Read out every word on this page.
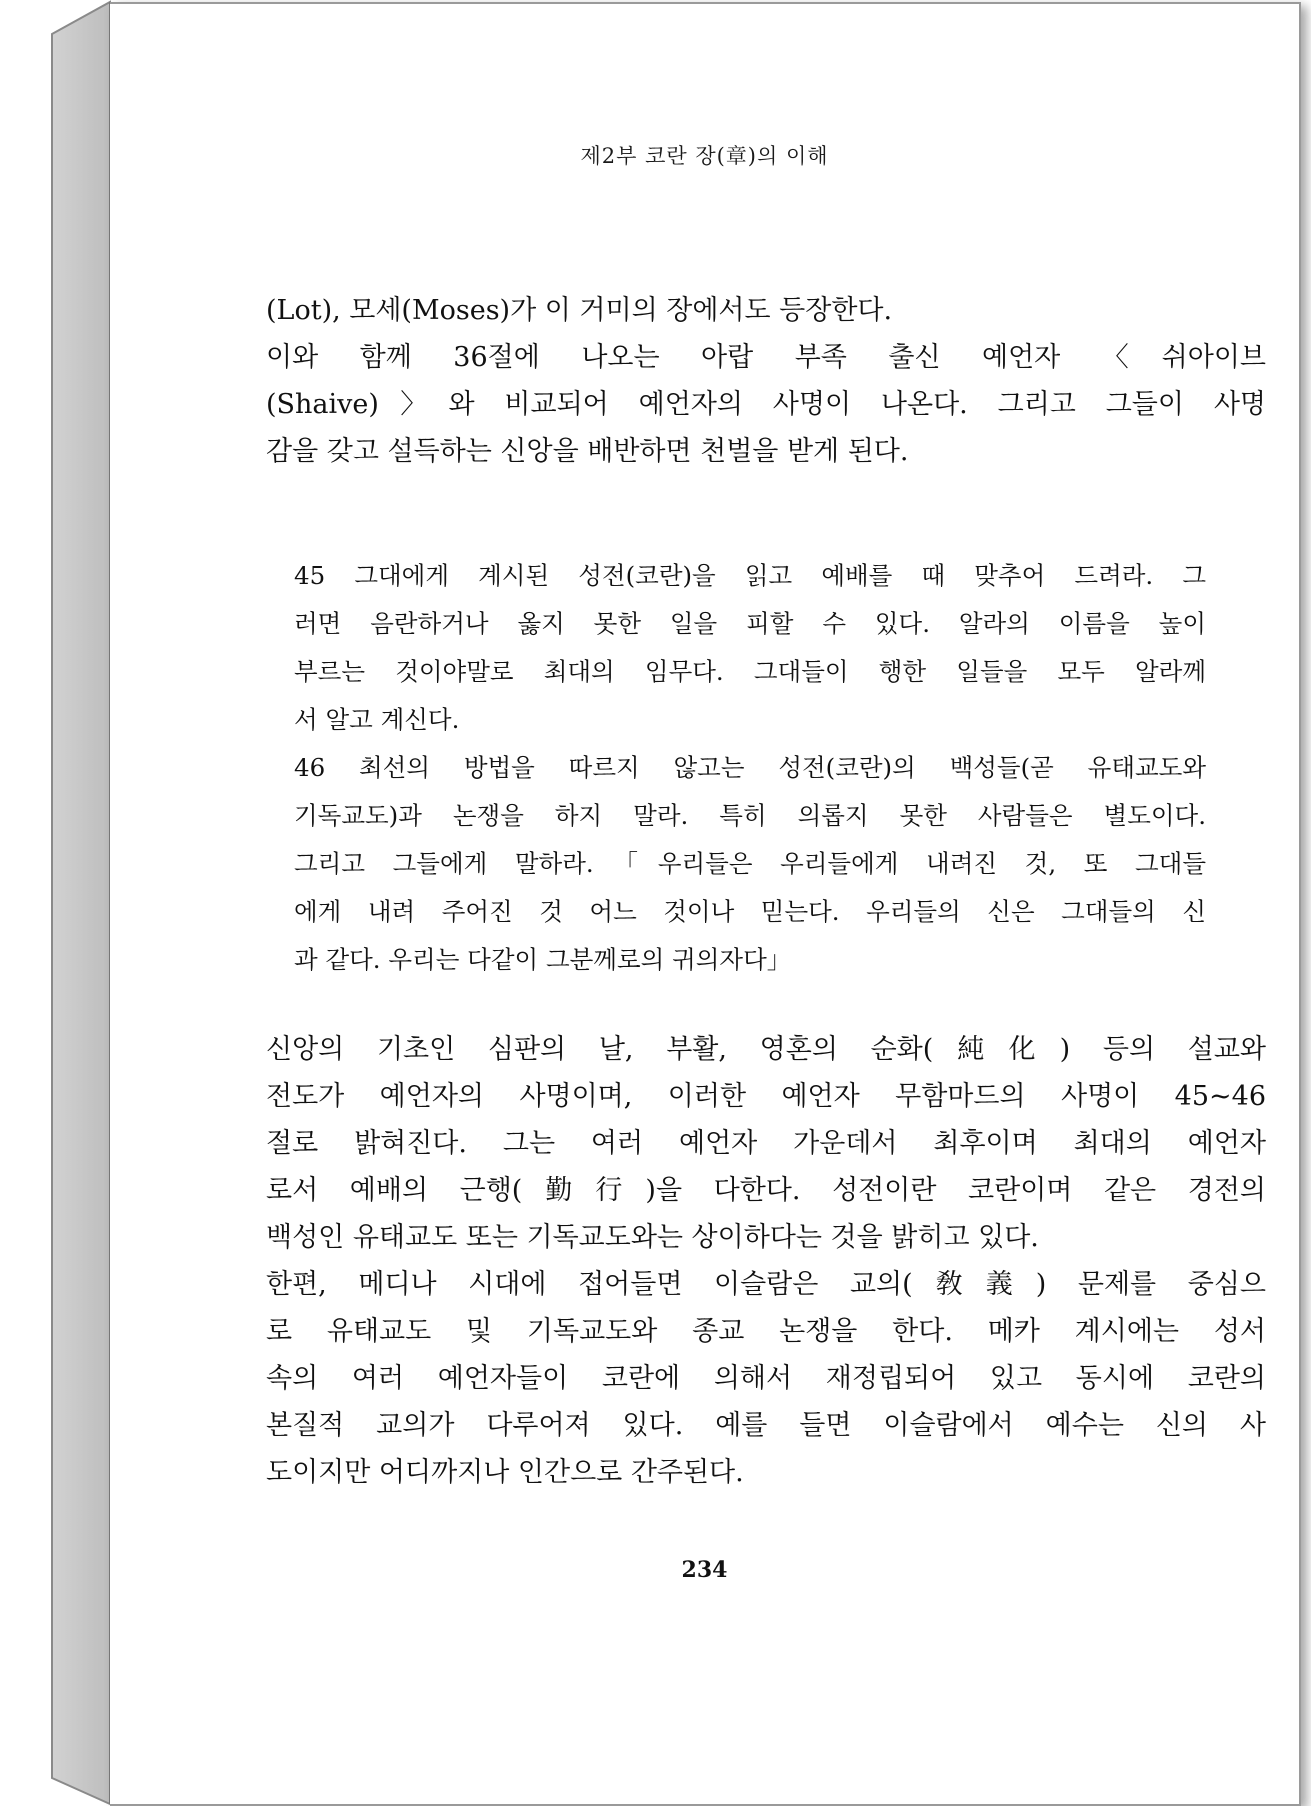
제2부 코란 장(章)의 이해
(Lot), 모세(Moses)가 이 거미의 장에서도 등장한다.
이와 함께 36절에 나오는 아랍 부족 출신 예언자 〈쉬아이브
(Shaive)〉와 비교되어 예언자의 사명이 나온다. 그리고 그들이 사명
감을 갖고 설득하는 신앙을 배반하면 천벌을 받게 된다.
45 그대에게 계시된 성전(코란)을 읽고 예배를 때 맞추어 드려라. 그
러면 음란하거나 옳지 못한 일을 피할 수 있다. 알라의 이름을 높이
부르는 것이야말로 최대의 임무다. 그대들이 행한 일들을 모두 알라께
서 알고 계신다.
46 최선의 방법을 따르지 않고는 성전(코란)의 백성들(곧 유태교도와
기독교도)과 논쟁을 하지 말라. 특히 의롭지 못한 사람들은 별도이다.
그리고 그들에게 말하라.「우리들은 우리들에게 내려진 것, 또 그대들
에게 내려 주어진 것 어느 것이나 믿는다. 우리들의 신은 그대들의 신
과 같다. 우리는 다같이 그분께로의 귀의자다」
신앙의 기초인 심판의 날, 부활, 영혼의 순화(純化) 등의 설교와
전도가 예언자의 사명이며, 이러한 예언자 무함마드의 사명이 45~46
절로 밝혀진다. 그는 여러 예언자 가운데서 최후이며 최대의 예언자
로서 예배의 근행(勤行)을 다한다. 성전이란 코란이며 같은 경전의
백성인 유태교도 또는 기독교도와는 상이하다는 것을 밝히고 있다.
한편, 메디나 시대에 접어들면 이슬람은 교의(敎義) 문제를 중심으
로 유태교도 및 기독교도와 종교 논쟁을 한다. 메카 계시에는 성서
속의 여러 예언자들이 코란에 의해서 재정립되어 있고 동시에 코란의
본질적 교의가 다루어져 있다. 예를 들면 이슬람에서 예수는 신의 사
도이지만 어디까지나 인간으로 간주된다.
234
